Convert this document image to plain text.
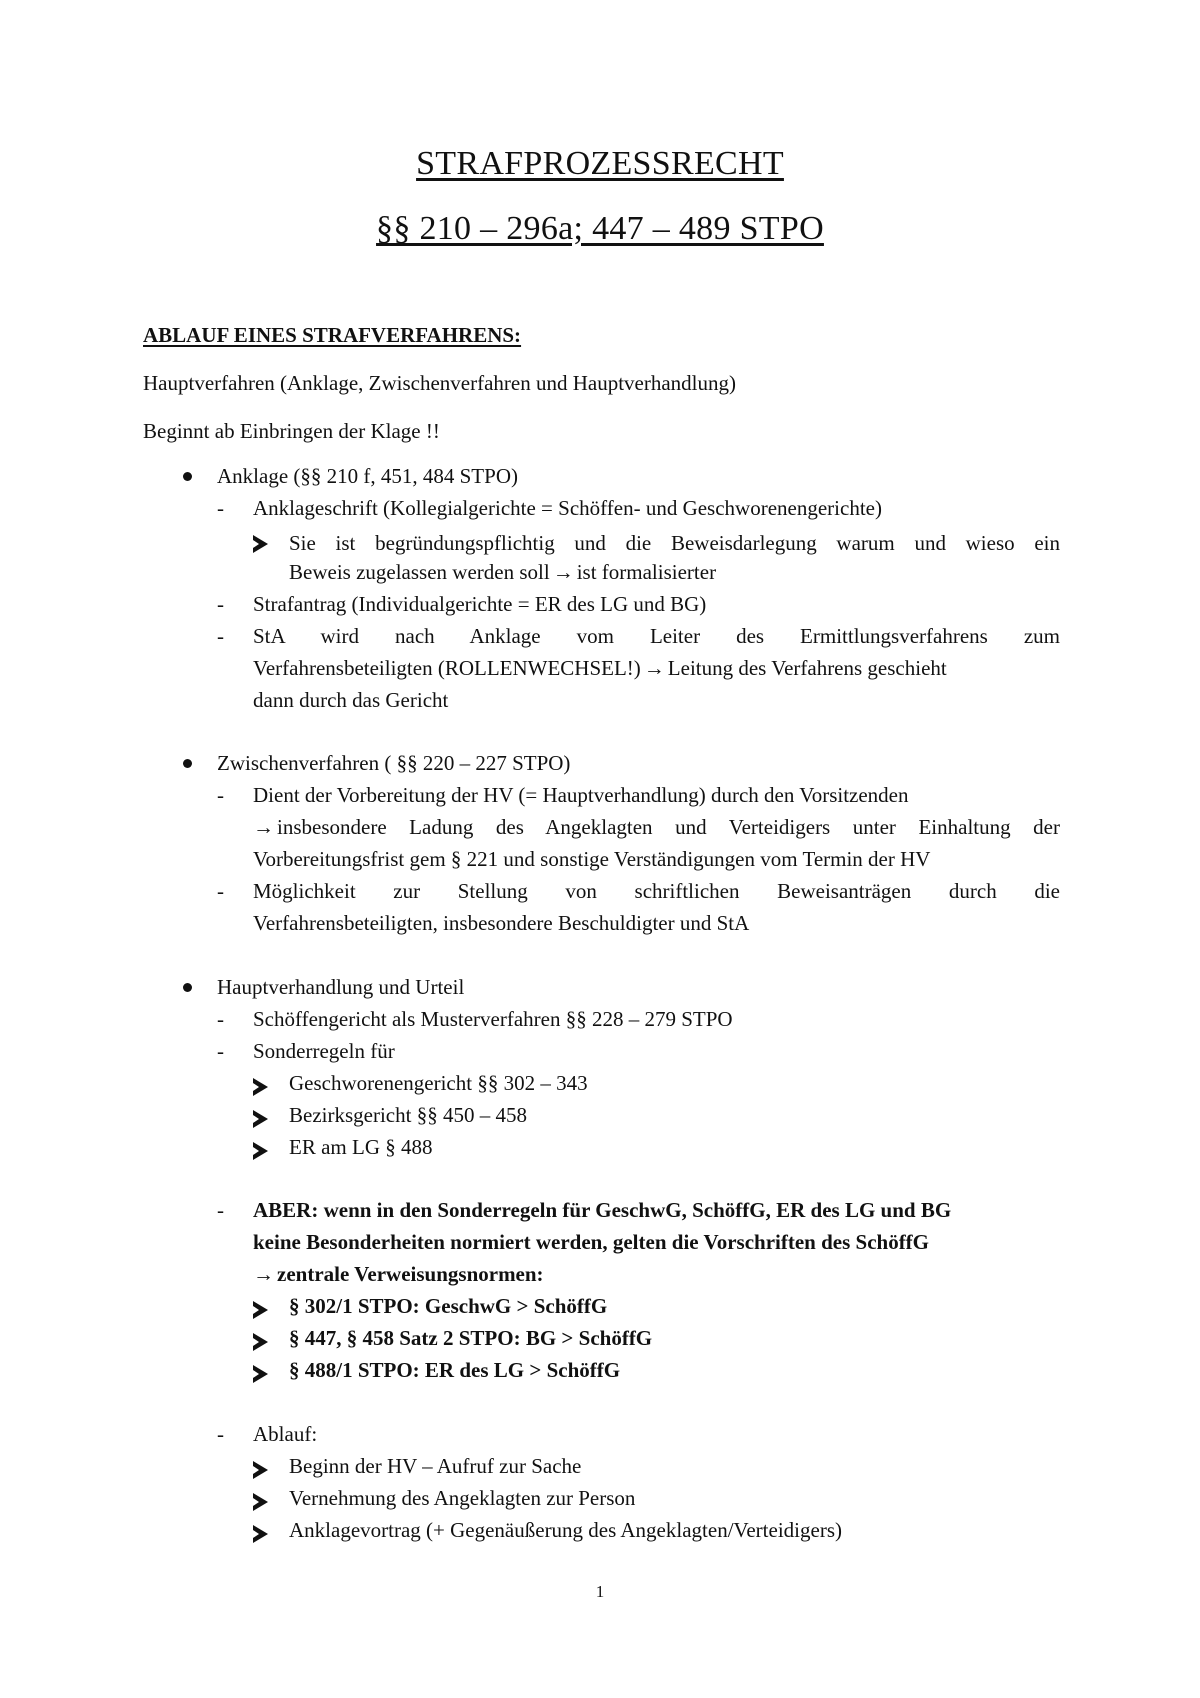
STRAFPROZESSRECHT
§§ 210 – 296a; 447 – 489 STPO
ABLAUF EINES STRAFVERFAHRENS:
Hauptverfahren (Anklage, Zwischenverfahren und Hauptverhandlung)
Beginnt ab Einbringen der Klage !!
Anklage (§§ 210 f, 451, 484 STPO)
- Anklageschrift (Kollegialgerichte = Schöffen- und Geschworenengerichte)
Sie ist begründungspflichtig und die Beweisdarlegung warum und wieso ein
Beweis zugelassen werden soll → ist formalisierter
- Strafantrag (Individualgerichte = ER des LG und BG)
- StA wird nach Anklage vom Leiter des Ermittlungsverfahrens zum
Verfahrensbeteiligten (ROLLENWECHSEL!) → Leitung des Verfahrens geschieht
dann durch das Gericht
Zwischenverfahren ( §§ 220 – 227 STPO)
- Dient der Vorbereitung der HV (= Hauptverhandlung) durch den Vorsitzenden
→ insbesondere Ladung des Angeklagten und Verteidigers unter Einhaltung der
Vorbereitungsfrist gem § 221 und sonstige Verständigungen vom Termin der HV
- Möglichkeit zur Stellung von schriftlichen Beweisanträgen durch die
Verfahrensbeteiligten, insbesondere Beschuldigter und StA
Hauptverhandlung und Urteil
- Schöffengericht als Musterverfahren §§ 228 – 279 STPO
- Sonderregeln für
Geschworenengericht §§ 302 – 343
Bezirksgericht §§ 450 – 458
ER am LG § 488
- ABER: wenn in den Sonderregeln für GeschwG, SchöffG, ER des LG und BG
keine Besonderheiten normiert werden, gelten die Vorschriften des SchöffG
→ zentrale Verweisungsnormen:
§ 302/1 STPO: GeschwG > SchöffG
§ 447, § 458 Satz 2 STPO: BG > SchöffG
§ 488/1 STPO: ER des LG > SchöffG
- Ablauf:
Beginn der HV – Aufruf zur Sache
Vernehmung des Angeklagten zur Person
Anklagevortrag (+ Gegenäußerung des Angeklagten/Verteidigers)
1
